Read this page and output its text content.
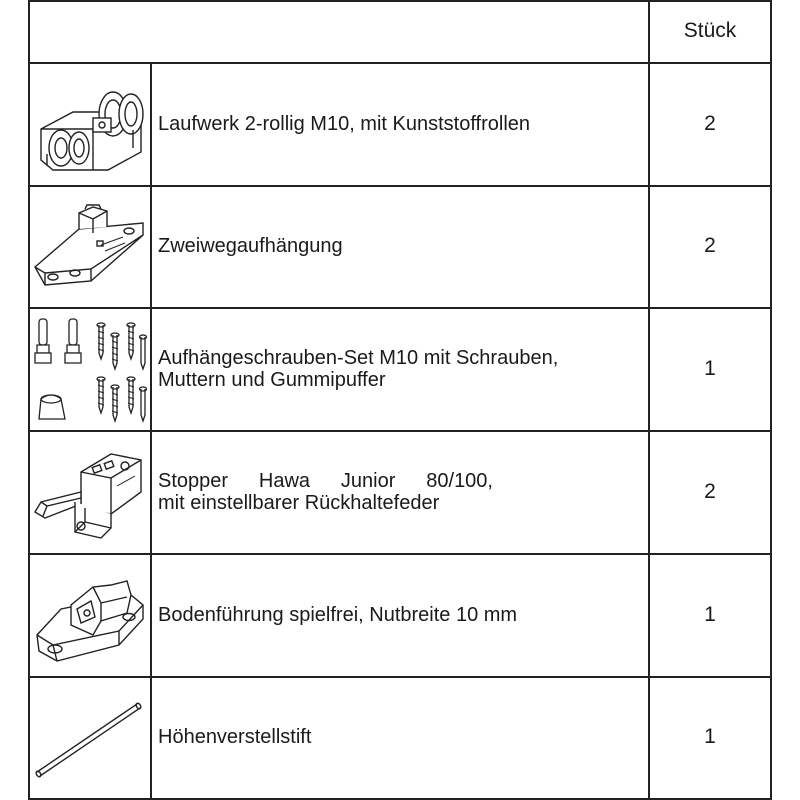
Stück
Laufwerk 2-rollig M10, mit Kunststoffrollen	2
Zweiwegaufhängung	2
Aufhängeschrauben-Set M10 mit Schrauben,
Muttern und Gummipuffer	1
Stopper  Hawa  Junior  80/100,
mit einstellbarer Rückhaltefeder	2
Bodenführung spielfrei, Nutbreite 10 mm	1
Höhenverstellstift	1
